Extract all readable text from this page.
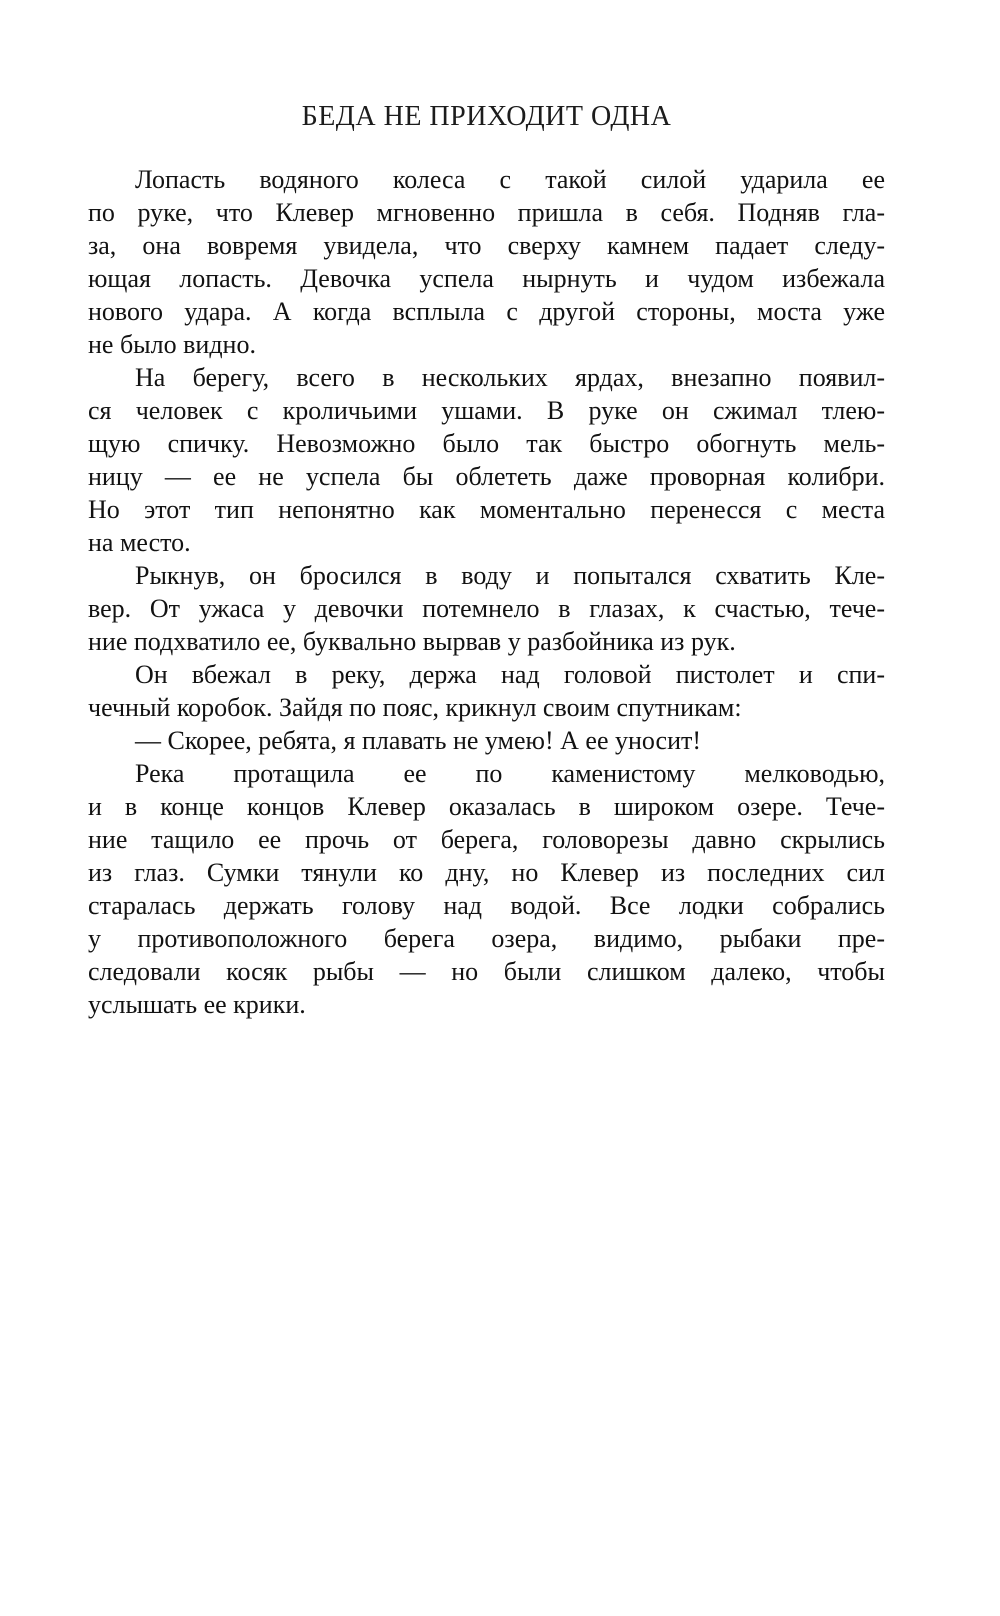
БЕДА НЕ ПРИХОДИТ ОДНА
Лопасть водяного колеса с такой силой ударила ее
по руке, что Клевер мгновенно пришла в себя. Подняв гла-
за, она вовремя увидела, что сверху камнем падает следу-
ющая лопасть. Девочка успела нырнуть и чудом избежала
нового удара. А когда всплыла с другой стороны, моста уже
не было видно.
На берегу, всего в нескольких ярдах, внезапно появил-
ся человек с кроличьими ушами. В руке он сжимал тлею-
щую спичку. Невозможно было так быстро обогнуть мель-
ницу — ее не успела бы облететь даже проворная колибри.
Но этот тип непонятно как моментально перенесся с места
на место.
Рыкнув, он бросился в воду и попытался схватить Кле-
вер. От ужаса у девочки потемнело в глазах, к счастью, тече-
ние подхватило ее, буквально вырвав у разбойника из рук.
Он вбежал в реку, держа над головой пистолет и спи-
чечный коробок. Зайдя по пояс, крикнул своим спутникам:
— Скорее, ребята, я плавать не умею! А ее уносит!
Река протащила ее по каменистому мелководью,
и в конце концов Клевер оказалась в широком озере. Тече-
ние тащило ее прочь от берега, головорезы давно скрылись
из глаз. Сумки тянули ко дну, но Клевер из последних сил
старалась держать голову над водой. Все лодки собрались
у противоположного берега озера, видимо, рыбаки пре-
следовали косяк рыбы — но были слишком далеко, чтобы
услышать ее крики.
